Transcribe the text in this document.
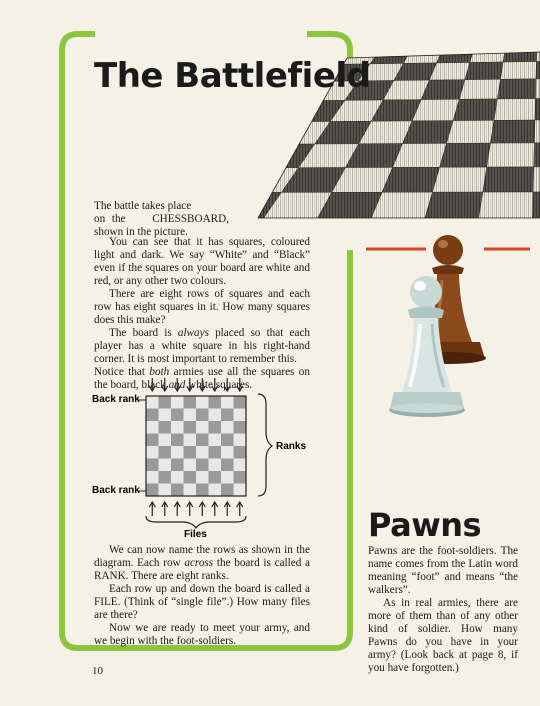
The Battlefield

The battle takes place

on the CHESSBOARD,

shown in the picture.

You can see that it has squares, coloured light and dark. We say “White” and “Black” even if the squares on your board are white and red, or any other two colours.

There are eight rows of squares and each row has eight squares in it. How many squares does this make?

The board is always placed so that each player has a white square in his right-hand corner. It is most important to remember this.

Notice that both armies use all the squares on the board, black and white squares.

Back rank
Back rank
Ranks
Files

We can now name the rows as shown in the diagram. Each row across the board is called a RANK. There are eight ranks.

Each row up and down the board is called a FILE. (Think of “single file”.) How many files are there?

Now we are ready to meet your army, and we begin with the foot-soldiers.

Pawns

Pawns are the foot-soldiers. The name comes from the Latin word meaning “foot” and means “the walkers”.

As in real armies, there are more of them than of any other kind of soldier. How many Pawns do you have in your army? (Look back at page 8, if you have forgotten.)

10
